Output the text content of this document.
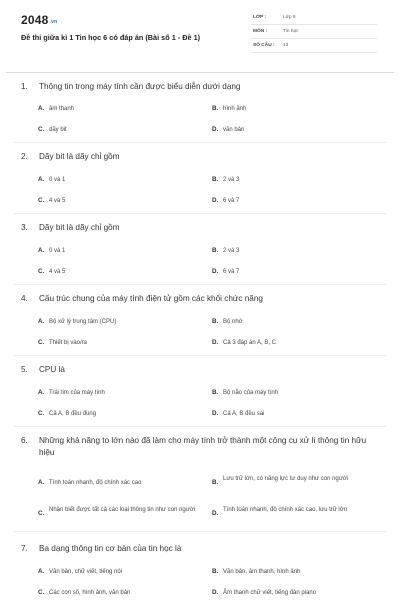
2048.vn
Đề thi giữa kì 1 Tin học 6 có đáp án (Bài số 1 - Đề 1)
LỚP :	Lớp 6
MÔN :	Tin học
SỐ CÂU : 13
1.	Thông tin trong máy tính cần được biểu diễn dưới dạng
A. âm thanh	B. hình ảnh
C. dãy bit	D. văn bản
2.	Dãy bit là dãy chỉ gồm
A. 0 và 1	B. 2 và 3
C. 4 và 5	D. 6 và 7
3.	Dãy bit là dãy chỉ gồm
A. 0 và 1	B. 2 và 3
C. 4 và 5	D. 6 và 7
4.	Cấu trúc chung của máy tính điện tử gồm các khối chức năng
A. Bộ xử lý trung tâm (CPU)	B. Bộ nhớ
C. Thiết bị vào/ra	D. Cả 3 đáp án A, B, C
5.	CPU là
A. Trái tim của máy tính	B. Bộ não của máy tính
C. Cả A, B đều đúng	D. Cả A, B đều sai
6.	Những khả năng to lớn nào đã làm cho máy tính trở thành một công cụ xử lí thông tin hữu hiệu
A. Tính toán nhanh, độ chính xác cao	B. Lưu trữ lớn, có năng lực tư duy như con người
C. Nhận biết được tất cả các loại thông tin như con người	D. Tính toán nhanh, độ chính xác cao, lưu trữ lớn
7.	Ba dạng thông tin cơ bản của tin học là
A. Văn bản, chữ viết, tiếng nói	B. Văn bản, âm thanh, hình ảnh
C. Các con số, hình ảnh, văn bản	D. Âm thanh chữ viết, tiếng đàn piano
